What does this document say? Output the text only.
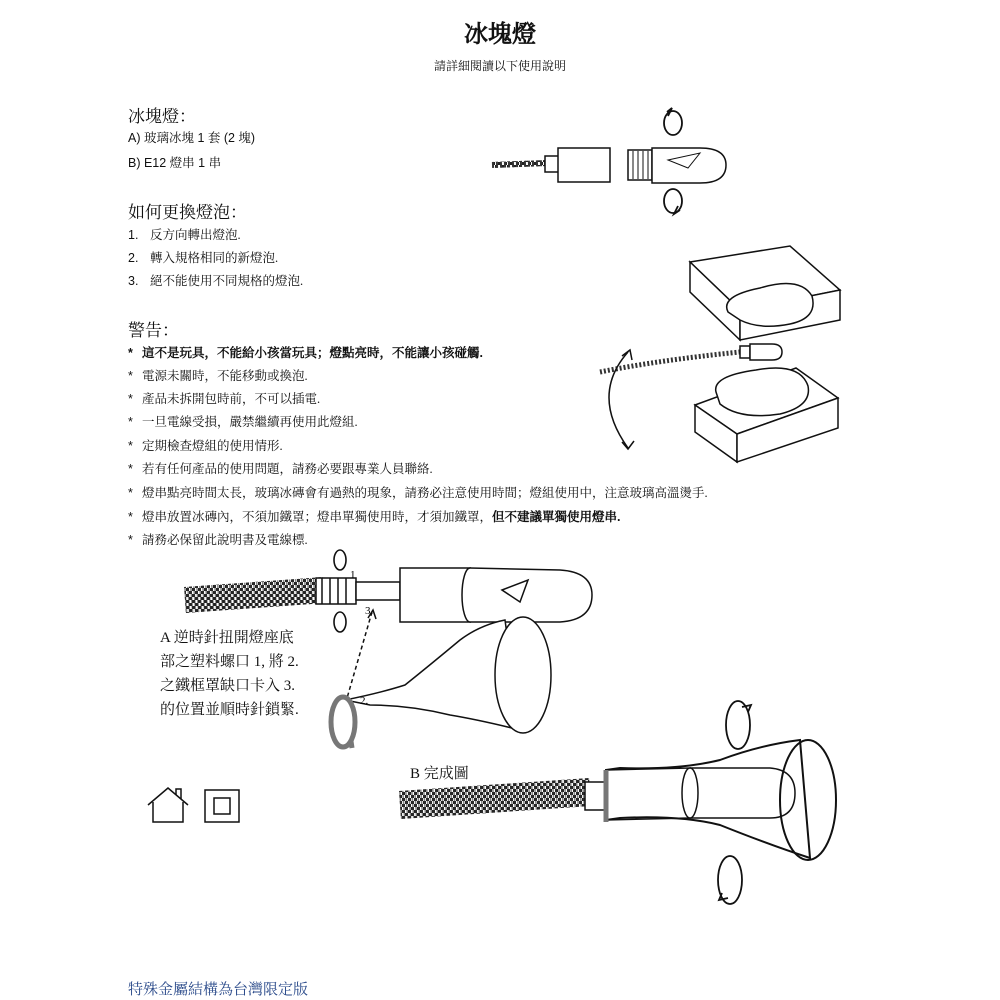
冰塊燈
請詳細閱讀以下使用說明
冰塊燈：
A) 玻璃冰塊 1 套 (2 塊)
B) E12 燈串 1 串
如何更換燈泡：
1. 反方向轉出燈泡.
2. 轉入規格相同的新燈泡.
3. 絕不能使用不同規格的燈泡.
警告：
* 這不是玩具，不能給小孩當玩具；燈點亮時，不能讓小孩碰觸.
* 電源未關時，不能移動或換泡.
* 產品未拆開包時前，不可以插電.
* 一旦電線受損，嚴禁繼續再使用此燈組.
* 定期檢查燈組的使用情形.
* 若有任何產品的使用問題，請務必要跟專業人員聯絡.
* 燈串點亮時間太長，玻璃冰磚會有過熱的現象，請務必注意使用時間；燈組使用中，注意玻璃高溫燙手.
* 燈串放置冰磚內，不須加鐵罩；燈串單獨使用時，才須加鐵罩，但不建議單獨使用燈串.
* 請務必保留此說明書及電線標.
1
3.
2.
A 逆時針扭開燈座底
部之塑料螺口 1, 將 2.
之鐵框罩缺口卡入 3.
的位置並順時針鎖緊.
B 完成圖
特殊金屬結構為台灣限定版
